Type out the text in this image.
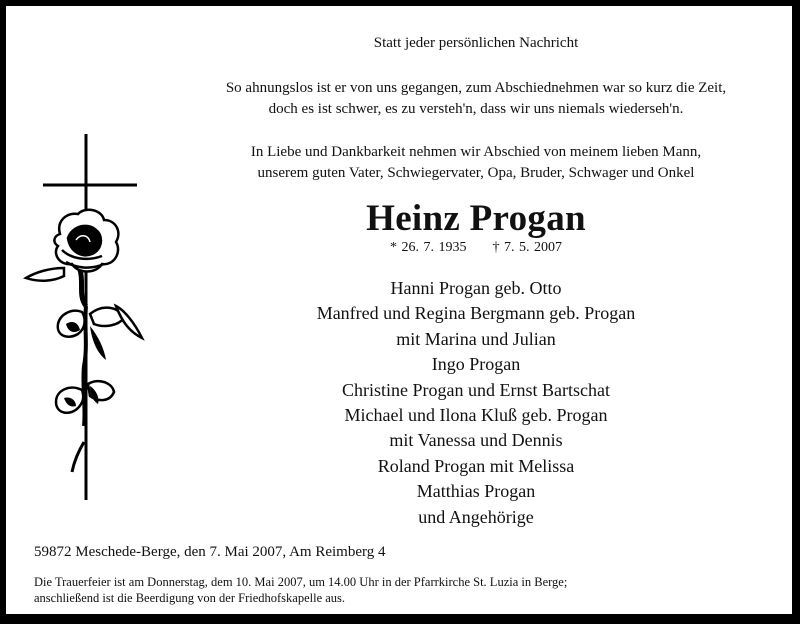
Statt jeder persönlichen Nachricht
So ahnungslos ist er von uns gegangen, zum Abschiednehmen war so kurz die Zeit,
doch es ist schwer, es zu versteh'n, dass wir uns niemals wiederseh'n.
In Liebe und Dankbarkeit nehmen wir Abschied von meinem lieben Mann,
unserem guten Vater, Schwiegervater, Opa, Bruder, Schwager und Onkel
Heinz Progan
* 26. 7. 1935 † 7. 5. 2007
Hanni Progan geb. Otto
Manfred und Regina Bergmann geb. Progan
mit Marina und Julian
Ingo Progan
Christine Progan und Ernst Bartschat
Michael und Ilona Kluß geb. Progan
mit Vanessa und Dennis
Roland Progan mit Melissa
Matthias Progan
und Angehörige
59872 Meschede-Berge, den 7. Mai 2007, Am Reimberg 4
Die Trauerfeier ist am Donnerstag, dem 10. Mai 2007, um 14.00 Uhr in der Pfarrkirche St. Luzia in Berge;
anschließend ist die Beerdigung von der Friedhofskapelle aus.
